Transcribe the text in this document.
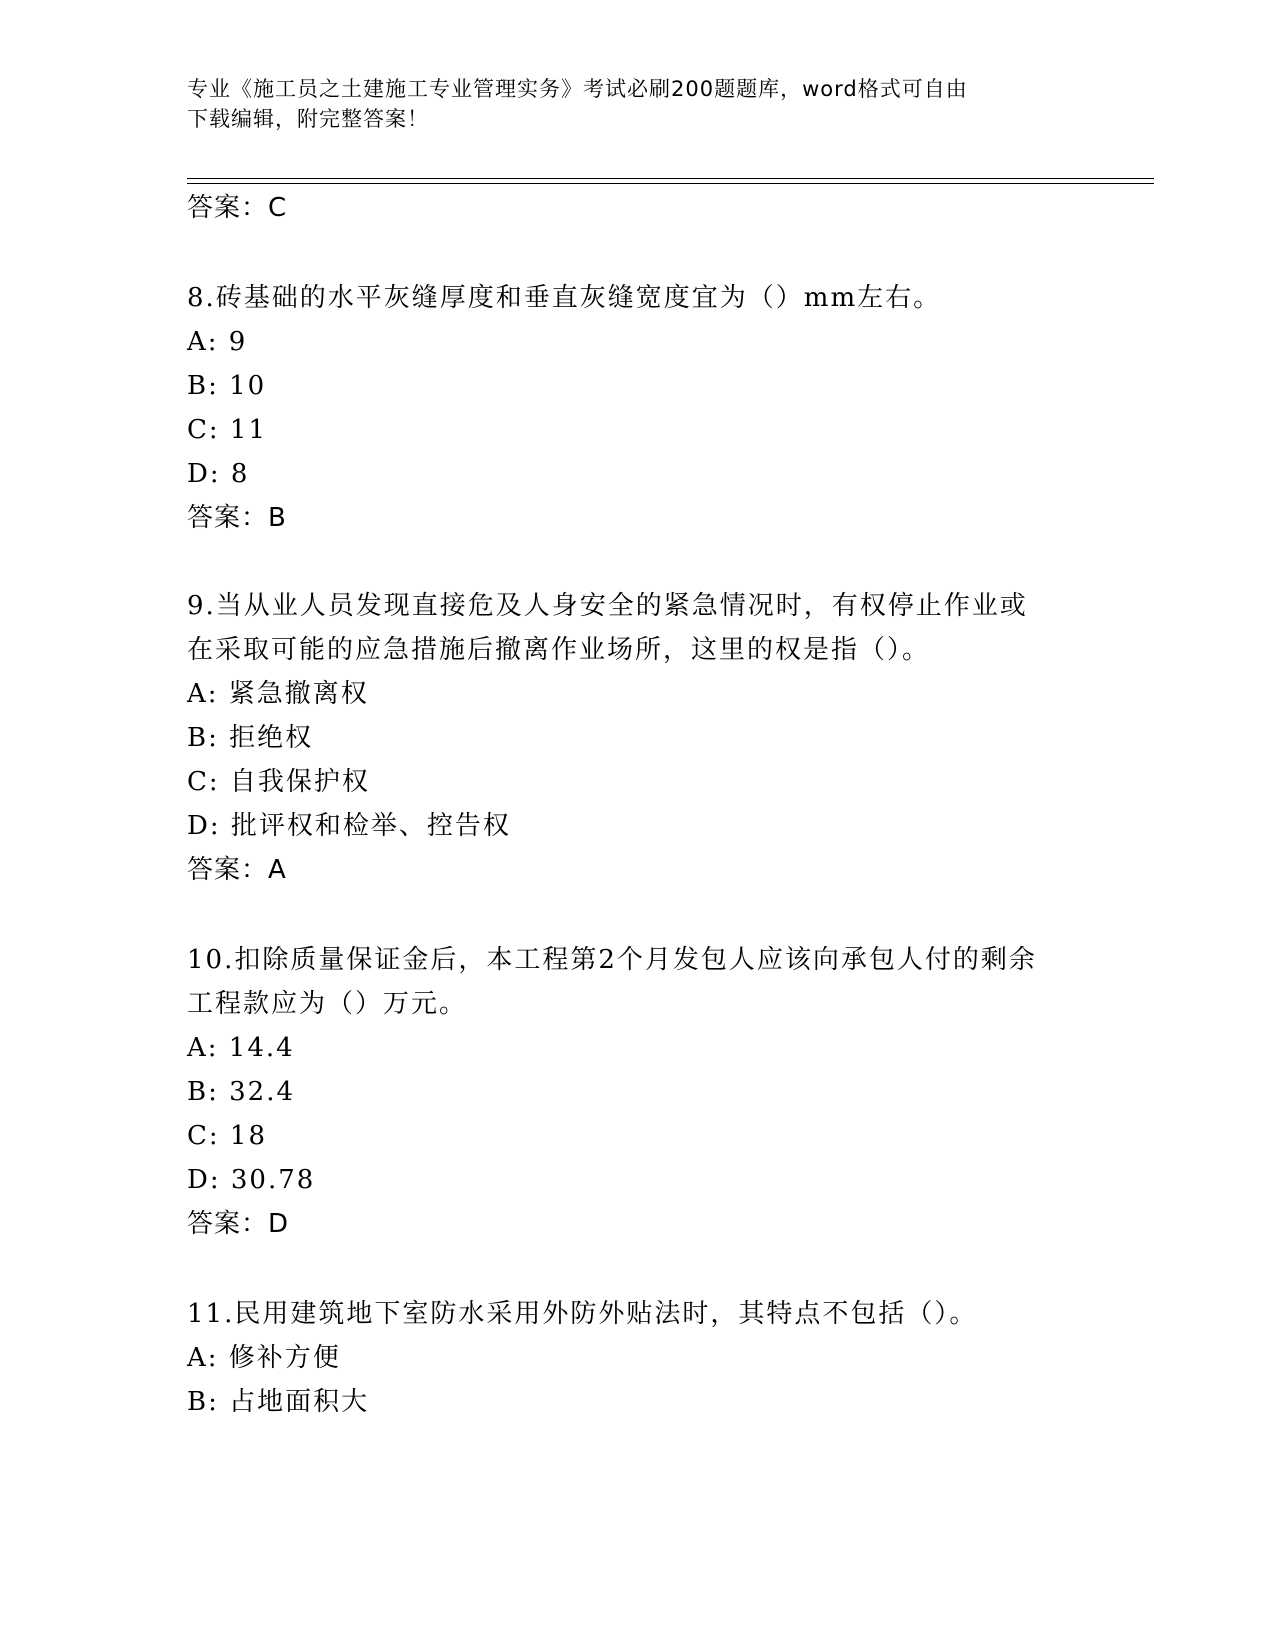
专业《施工员之土建施工专业管理实务》考试必刷200题题库，word格式可自由
下载编辑，附完整答案！
答案：C
8.砖基础的水平灰缝厚度和垂直灰缝宽度宜为（）mm左右。
A: 9
B: 10
C: 11
D: 8
答案：B
9.当从业人员发现直接危及人身安全的紧急情况时，有权停止作业或
在采取可能的应急措施后撤离作业场所，这里的权是指（）。
A: 紧急撤离权
B: 拒绝权
C: 自我保护权
D: 批评权和检举、控告权
答案：A
10.扣除质量保证金后，本工程第2个月发包人应该向承包人付的剩余
工程款应为（）万元。
A: 14.4
B: 32.4
C: 18
D: 30.78
答案：D
11.民用建筑地下室防水采用外防外贴法时，其特点不包括（）。
A: 修补方便
B: 占地面积大
